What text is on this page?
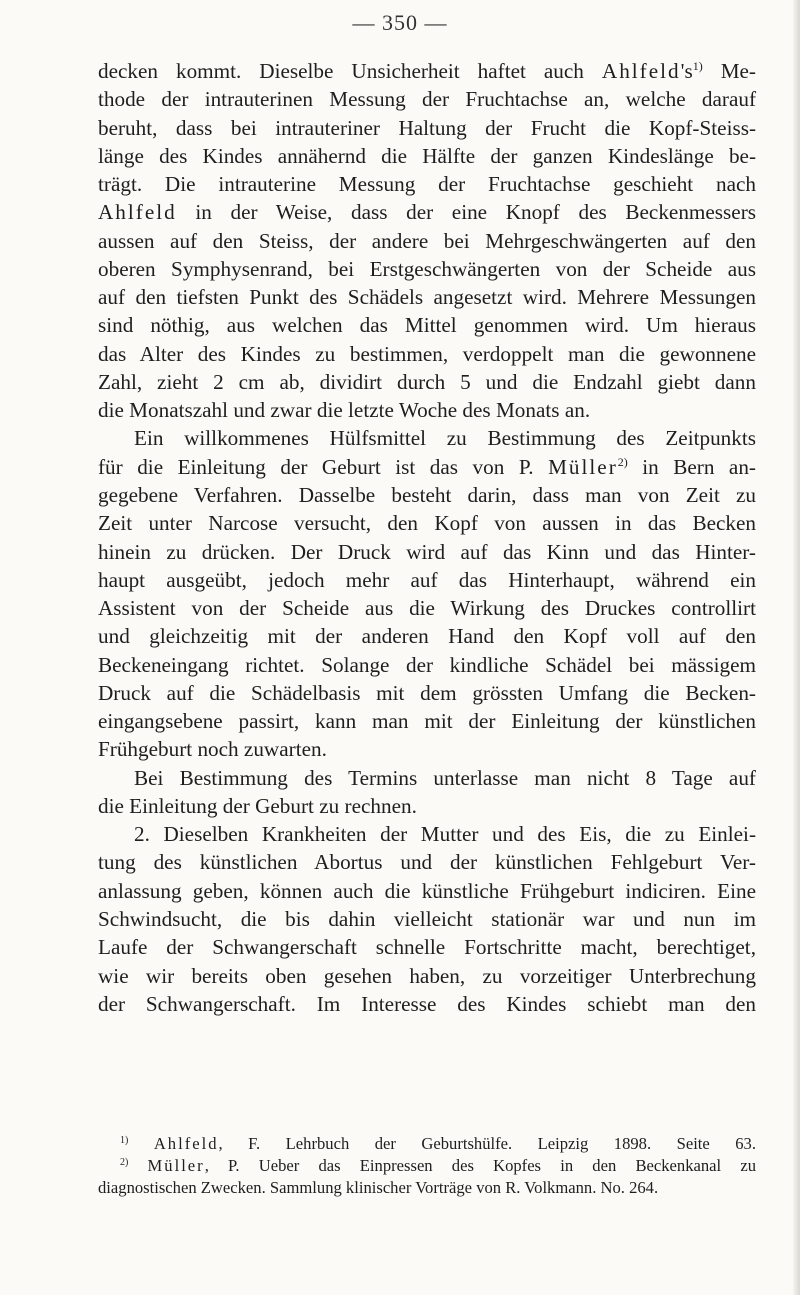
— 350 —
decken kommt. Dieselbe Unsicherheit haftet auch $Ahlfeld's^{1)}$ Me-
thode der intrauterinen Messung der Fruchtachse an, welche darauf
beruht, dass bei intrauteriner Haltung der Frucht die Kopf-Steiss-
länge des Kindes annähernd die Hälfte der ganzen Kindeslänge be-
trägt. Die intrauterine Messung der Fruchtachse geschieht nach
Ahlfeld in der Weise, dass der eine Knopf des Beckenmessers
aussen auf den Steiss, der andere bei Mehrgeschwängerten auf den
oberen Symphysenrand, bei Erstgeschwängerten von der Scheide aus
auf den tiefsten Punkt des Schädels angesetzt wird. Mehrere Messungen
sind nöthig, aus welchen das Mittel genommen wird. Um hieraus
das Alter des Kindes zu bestimmen, verdoppelt man die gewonnene
Zahl, zieht 2 cm ab, dividirt durch 5 und die Endzahl giebt dann
die Monatszahl und zwar die letzte Woche des Monats an.
Ein willkommenes Hülfsmittel zu Bestimmung des Zeitpunkts
für die Einleitung der Geburt ist das von P. Müller$^{2)}$ in Bern an-
gegebene Verfahren. Dasselbe besteht darin, dass man von Zeit zu
Zeit unter Narcose versucht, den Kopf von aussen in das Becken
hinein zu drücken. Der Druck wird auf das Kinn und das Hinter-
haupt ausgeübt, jedoch mehr auf das Hinterhaupt, während ein
Assistent von der Scheide aus die Wirkung des Druckes controllirt
und gleichzeitig mit der anderen Hand den Kopf voll auf den
Beckeneingang richtet. Solange der kindliche Schädel bei mässigem
Druck auf die Schädelbasis mit dem grössten Umfang die Becken-
eingangsebene passirt, kann man mit der Einleitung der künstlichen
Frühgeburt noch zuwarten.
Bei Bestimmung des Termins unterlasse man nicht 8 Tage auf
die Einleitung der Geburt zu rechnen.
2. Dieselben Krankheiten der Mutter und des Eis, die zu Einlei-
tung des künstlichen Abortus und der künstlichen Fehlgeburt Ver-
anlassung geben, können auch die künstliche Frühgeburt indiciren. Eine
Schwindsucht, die bis dahin vielleicht stationär war und nun im
Laufe der Schwangerschaft schnelle Fortschritte macht, berechtiget,
wie wir bereits oben gesehen haben, zu vorzeitiger Unterbrechung
der Schwangerschaft. Im Interesse des Kindes schiebt man den
$^{1)}$ Ahlfeld, F. Lehrbuch der Geburtshülfe. Leipzig 1898. Seite 63.
$^{2)}$ Müller, P. Ueber das Einpressen des Kopfes in den Beckenkanal zu
diagnostischen Zwecken. Sammlung klinischer Vorträge von R. Volkmann. No. 264.
